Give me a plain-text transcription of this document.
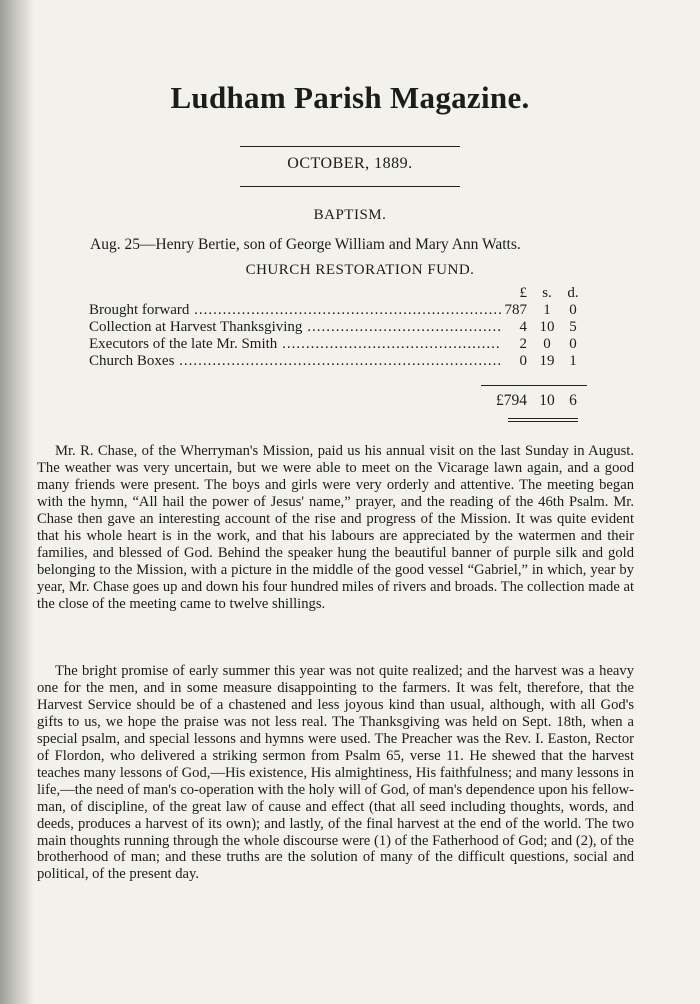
Ludham Parish Magazine.
OCTOBER, 1889.
BAPTISM.
Aug. 25—Henry Bertie, son of George William and Mary Ann Watts.
CHURCH RESTORATION FUND.
£	s.	d.
Brought forward .....	787	1	0
Collection at Harvest Thanksgiving .....	4 10 5
Executors of the late Mr. Smith .....	2	0	0
Church Boxes .....	0 19 1
£794 10 6

Mr. R. Chase, of the Wherryman's Mission, paid us his annual visit on the last Sunday in August. The weather was very uncertain, but we were able to meet on the Vicarage lawn again, and a good many friends were present. The boys and girls were very orderly and attentive. The meeting began with the hymn, “All hail the power of Jesus' name,” prayer, and the reading of the 46th Psalm. Mr. Chase then gave an interesting account of the rise and progress of the Mission. It was quite evident that his whole heart is in the work, and that his labours are appreciated by the watermen and their families, and blessed of God. Behind the speaker hung the beautiful banner of purple silk and gold belonging to the Mission, with a picture in the middle of the good vessel “Gabriel,” in which, year by year, Mr. Chase goes up and down his four hundred miles of rivers and broads. The collection made at the close of the meeting came to twelve shillings.

The bright promise of early summer this year was not quite realized; and the harvest was a heavy one for the men, and in some measure disappointing to the farmers. It was felt, therefore, that the Harvest Service should be of a chastened and less joyous kind than usual, although, with all God's gifts to us, we hope the praise was not less real. The Thanksgiving was held on Sept. 18th, when a special psalm, and special lessons and hymns were used. The Preacher was the Rev. I. Easton, Rector of Flordon, who delivered a striking sermon from Psalm 65, verse 11. He shewed that the harvest teaches many lessons of God,—His existence, His almightiness, His faithfulness; and many lessons in life,—the need of man's co-operation with the holy will of God, of man's dependence upon his fellow-man, of discipline, of the great law of cause and effect (that all seed including thoughts, words, and deeds, produces a harvest of its own); and lastly, of the final harvest at the end of the world. The two main thoughts running through the whole discourse were (1) of the Fatherhood of God; and (2), of the brotherhood of man; and these truths are the solution of many of the difficult questions, social and political, of the present day.
